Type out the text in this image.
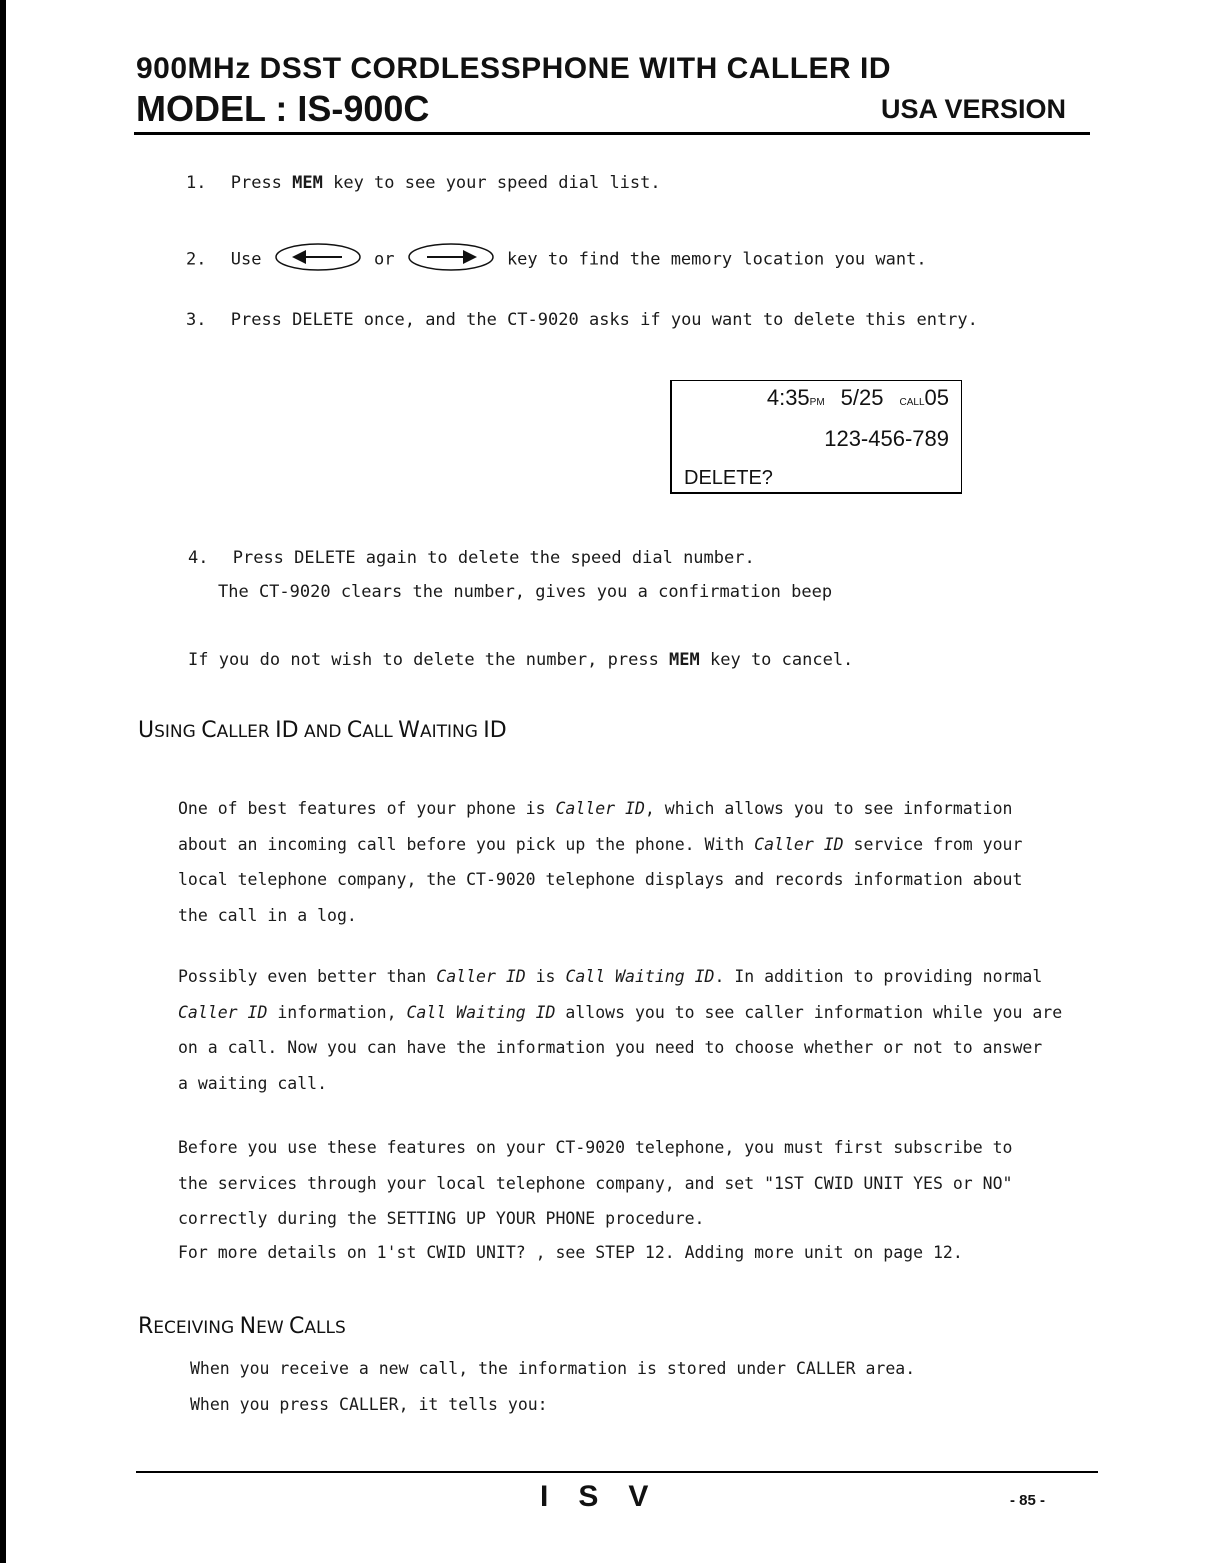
900MHz DSST CORDLESSPHONE WITH CALLER ID
MODEL : IS-900C	USA VERSION
1. Press MEM key to see your speed dial list.
2. Use	or	key to find the memory location you want.
3. Press DELETE once, and the CT-9020 asks if you want to delete this entry.
4:35PM 5/25 CALL05
123-456-789
DELETE?
4. Press DELETE again to delete the speed dial number.
The CT-9020 clears the number, gives you a confirmation beep
If you do not wish to delete the number, press MEM key to cancel.
USING CALLER ID AND CALL WAITING ID
One of best features of your phone is Caller ID, which allows you to see information
about an incoming call before you pick up the phone. With Caller ID service from your
local telephone company, the CT-9020 telephone displays and records information about
the call in a log.
Possibly even better than Caller ID is Call Waiting ID. In addition to providing normal
Caller ID information, Call Waiting ID allows you to see caller information while you are
on a call. Now you can have the information you need to choose whether or not to answer
a waiting call.
Before you use these features on your CT-9020 telephone, you must first subscribe to
the services through your local telephone company, and set "1ST CWID UNIT YES or NO"
correctly during the SETTING UP YOUR PHONE procedure.
For more details on 1'st CWID UNIT? , see STEP 12. Adding more unit on page 12.
RECEIVING NEW CALLS
When you receive a new call, the information is stored under CALLER area.
When you press CALLER, it tells you:
ISV	- 85 -
